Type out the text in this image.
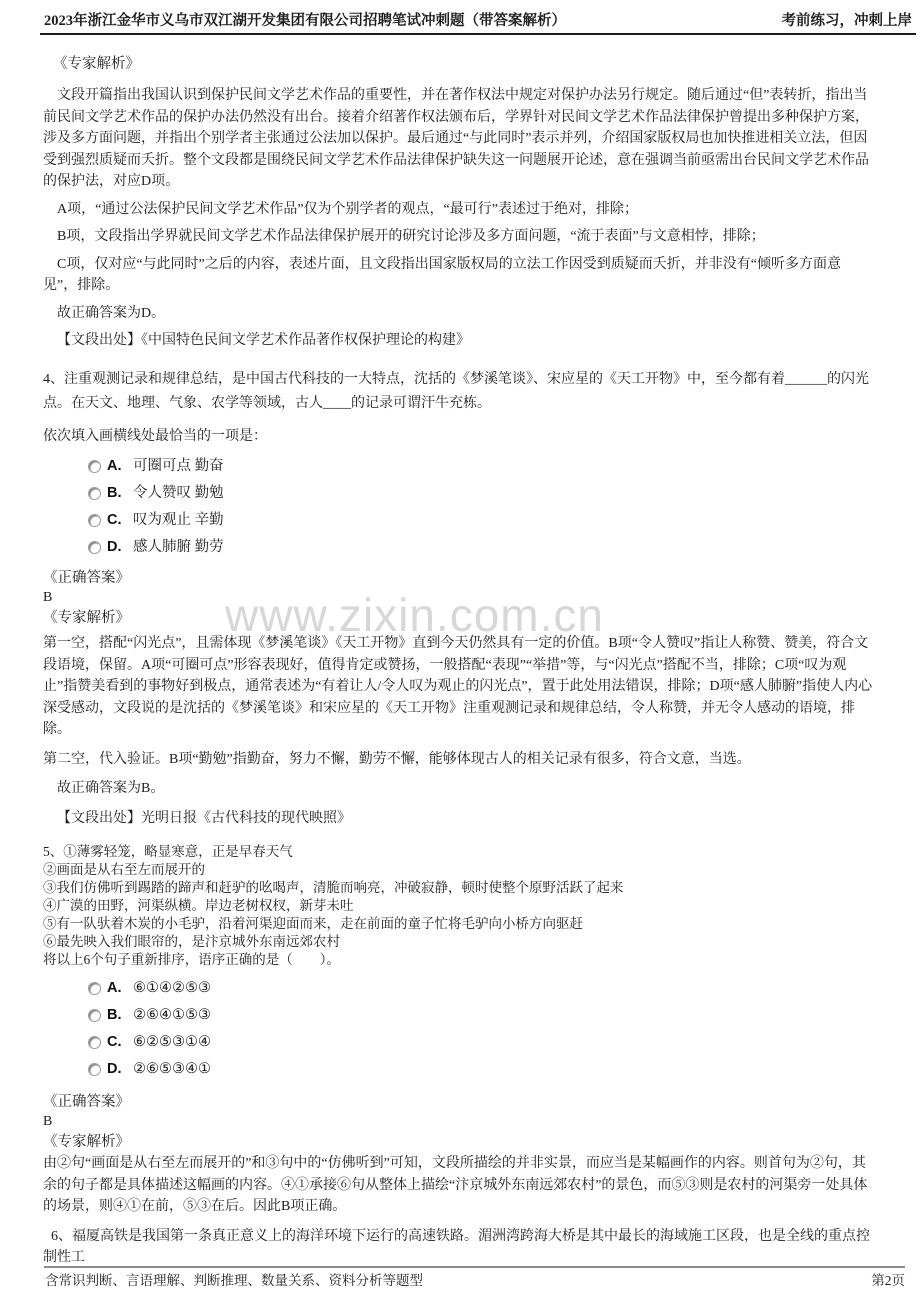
www.zixin.com.cn
2023年浙江金华市义乌市双江湖开发集团有限公司招聘笔试冲刺题（带答案解析）	考前练习，冲刺上岸
《专家解析》
文段开篇指出我国认识到保护民间文学艺术作品的重要性，并在著作权法中规定对保护办法另行规定。随后通过“但”表转折，指出当前民间文学艺术作品的保护办法仍然没有出台。接着介绍著作权法颁布后，学界针对民间文学艺术作品法律保护曾提出多种保护方案，涉及多方面问题，并指出个别学者主张通过公法加以保护。最后通过“与此同时”表示并列，介绍国家版权局也加快推进相关立法，但因受到强烈质疑而夭折。整个文段都是围绕民间文学艺术作品法律保护缺失这一问题展开论述，意在强调当前亟需出台民间文学艺术作品的保护法，对应D项。
A项，“通过公法保护民间文学艺术作品”仅为个别学者的观点，“最可行”表述过于绝对，排除；
B项，文段指出学界就民间文学艺术作品法律保护展开的研究讨论涉及多方面问题，“流于表面”与文意相悖，排除；
C项，仅对应“与此同时”之后的内容，表述片面，且文段指出国家版权局的立法工作因受到质疑而夭折，并非没有“倾听多方面意见”，排除。
故正确答案为D。
【文段出处】《中国特色民间文学艺术作品著作权保护理论的构建》
4、注重观测记录和规律总结，是中国古代科技的一大特点，沈括的《梦溪笔谈》、宋应星的《天工开物》中，至今都有着______的闪光点。在天文、地理、气象、农学等领域，古人____的记录可谓汗牛充栋。
依次填入画横线处最恰当的一项是：
A. 可圈可点 勤奋
B. 令人赞叹 勤勉
C. 叹为观止 辛勤
D. 感人肺腑 勤劳
《正确答案》
B
《专家解析》
第一空，搭配“闪光点”，且需体现《梦溪笔谈》《天工开物》直到今天仍然具有一定的价值。B项“令人赞叹”指让人称赞、赞美，符合文段语境，保留。A项“可圈可点”形容表现好，值得肯定或赞扬，一般搭配“表现”“举措”等，与“闪光点”搭配不当，排除；C项“叹为观止”指赞美看到的事物好到极点，通常表述为“有着让人/令人叹为观止的闪光点”，置于此处用法错误，排除；D项“感人肺腑”指使人内心深受感动，文段说的是沈括的《梦溪笔谈》和宋应星的《天工开物》注重观测记录和规律总结，令人称赞，并无令人感动的语境，排除。
第二空，代入验证。B项“勤勉”指勤奋，努力不懈，勤劳不懈，能够体现古人的相关记录有很多，符合文意，当选。
故正确答案为B。
【文段出处】光明日报《古代科技的现代映照》
5、①薄雾轻笼，略显寒意，正是早春天气
②画面是从右至左而展开的
③我们仿佛听到踢踏的蹄声和赶驴的吆喝声，清脆而响亮，冲破寂静，顿时使整个原野活跃了起来
④广漠的田野，河渠纵横。岸边老树权杈，新芽未吐
⑤有一队驮着木炭的小毛驴，沿着河渠迎面而来，走在前面的童子忙将毛驴向小桥方向驱赶
⑥最先映入我们眼帘的，是汴京城外东南远郊农村
将以上6个句子重新排序，语序正确的是（　　）。
A. ⑥①④②⑤③
B. ②⑥④①⑤③
C. ⑥②⑤③①④
D. ②⑥⑤③④①
《正确答案》
B
《专家解析》
由②句“画面是从右至左而展开的”和③句中的“仿佛听到”可知，文段所描绘的并非实景，而应当是某幅画作的内容。则首句为②句，其余的句子都是具体描述这幅画的内容。④①承接⑥句从整体上描绘“汴京城外东南远郊农村”的景色，而⑤③则是农村的河渠旁一处具体的场景，则④①在前，⑤③在后。因此B项正确。
6、福厦高铁是我国第一条真正意义上的海洋环境下运行的高速铁路。湄洲湾跨海大桥是其中最长的海域施工区段，也是全线的重点控制性工
含常识判断、言语理解、判断推理、数量关系、资料分析等题型	第2页
